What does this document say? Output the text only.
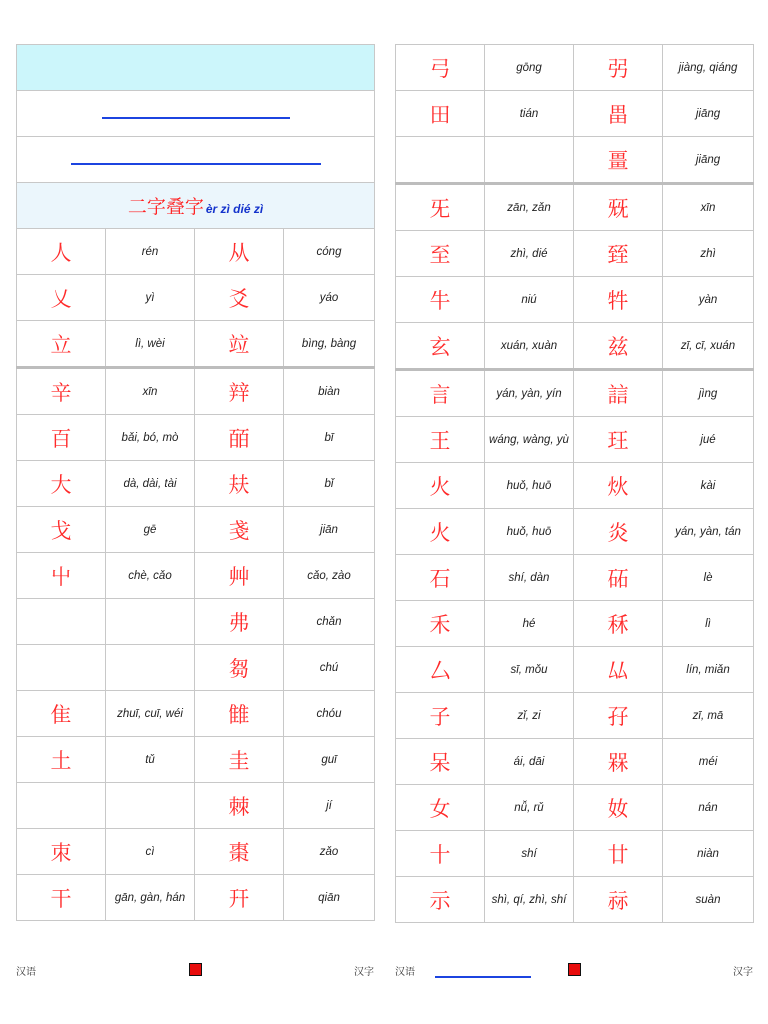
二字叠字 èr zì dié zì			
人	rén	从	cóng
乂	yì	爻	yáo
立	lì, wèi	竝	bìng, bàng
辛	xīn	辡	biàn
百	bǎi, bó, mò	皕	bī
大	dà, dài, tài	㚘	bǐ
戈	gē	戔	jiān
屮	chè, cǎo	艸	cǎo, zào
		弗	chǎn
		芻	chú
隹	zhuī, cuī, wéi	雔	chóu
土	tǔ	圭	guī
		棘	jí
朿	cì	棗	zǎo
干	gān, gàn, hán	幵	qiān
弓	gōng	弜	jiàng, qiáng
田	tián	畕	jiāng
		畺	jiāng
旡	zān, zǎn	兓	xīn
至	zhì, dié	臸	zhì
牛	niú	牪	yàn
玄	xuán, xuàn	兹	zī, cī, xuán
言	yán, yàn, yín	誩	jìng
王	wáng, wàng, yù	玨	jué
火	huǒ, huō	炏	kài
火	huǒ, huō	炎	yán, yàn, tán
石	shí, dàn	砳	lè
禾	hé	秝	lì
厶	sī, mǒu	厸	lín, miǎn
子	zǐ, zi	孖	zī, mā
呆	ái, dāi	槑	méi
女	nǚ, rǔ	奻	nán
十	shí	廿	niàn
示	shì, qí, zhì, shí	祘	suàn
汉语	汉字 汉语	汉字
